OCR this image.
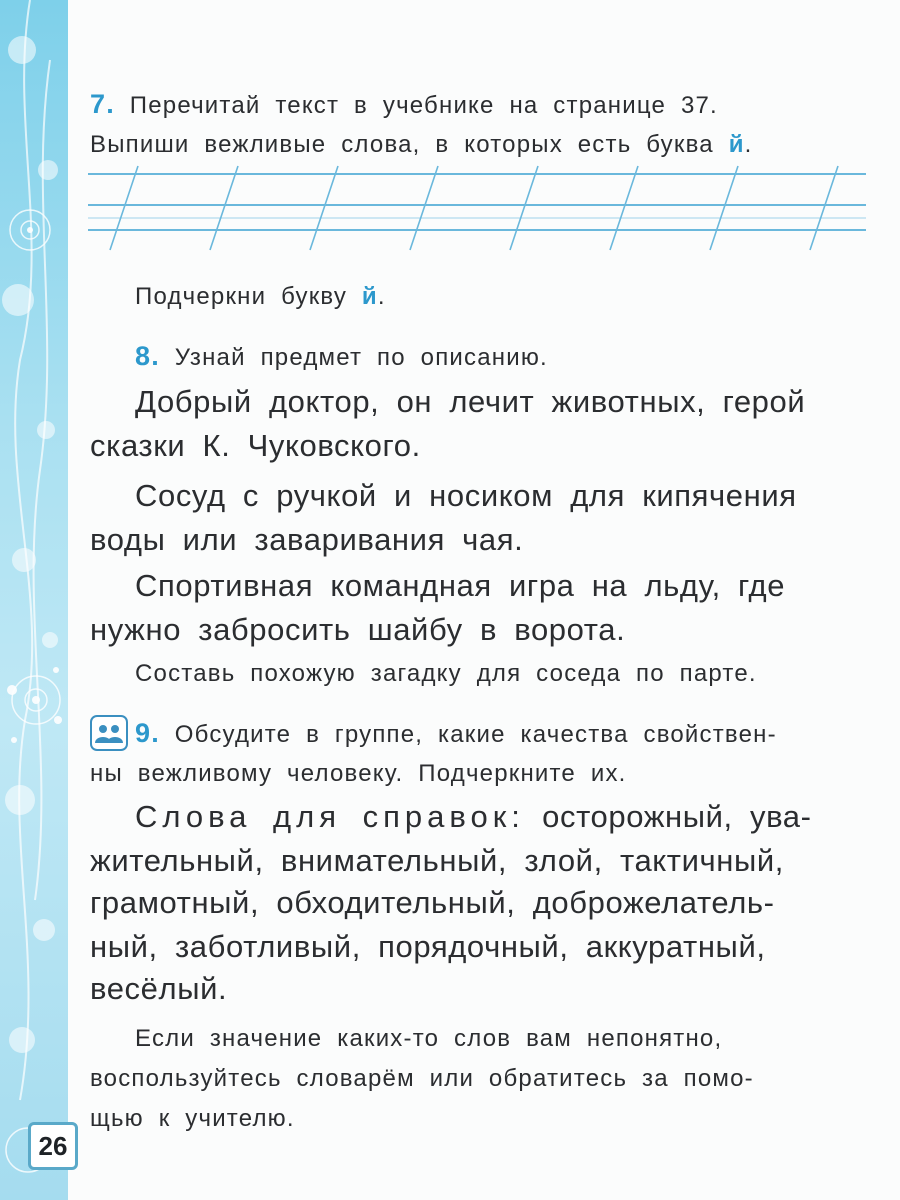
26
7. Перечитай текст в учебнике на странице 37.
Выпиши вежливые слова, в которых есть буква й.
Подчеркни букву й.
8. Узнай предмет по описанию.
Добрый доктор, он лечит животных, герой
сказки К. Чуковского.
Сосуд с ручкой и носиком для кипячения
воды или заваривания чая.
Спортивная командная игра на льду, где
нужно забросить шайбу в ворота.
Составь похожую загадку для соседа по парте.
9. Обсудите в группе, какие качества свойствен-
ны вежливому человеку. Подчеркните их.
Слова для справок: осторожный, ува-
жительный, внимательный, злой, тактичный,
грамотный, обходительный, доброжелатель-
ный, заботливый, порядочный, аккуратный,
весёлый.
Если значение каких-то слов вам непонятно,
воспользуйтесь словарём или обратитесь за помо-
щью к учителю.
